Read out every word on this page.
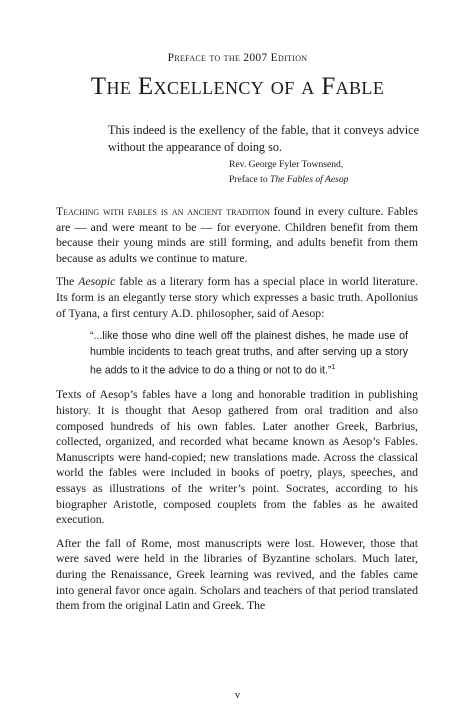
Preface to the 2007 Edition
The Excellency of a Fable
This indeed is the exellency of the fable, that it conveys advice without the appearance of doing so.
Rev. George Fyler Townsend,
Preface to The Fables of Aesop

Teaching with fables is an ancient tradition found in every culture. Fables are — and were meant to be — for everyone. Children benefit from them because their young minds are still forming, and adults benefit from them because as adults we continue to mature.

The Aesopic fable as a literary form has a special place in world literature. Its form is an elegantly terse story which expresses a basic truth. Apollonius of Tyana, a first century A.D. philosopher, said of Aesop:

“...like those who dine well off the plainest dishes, he made use of humble incidents to teach great truths, and after serving up a story he adds to it the advice to do a thing or not to do it.”$^1$

Texts of Aesop’s fables have a long and honorable tradition in publishing history. It is thought that Aesop gathered from oral tradition and also composed hundreds of his own fables. Later another Greek, Barbrius, collected, organized, and recorded what became known as Aesop’s Fables. Manuscripts were hand-copied; new translations made. Across the classical world the fables were included in books of poetry, plays, speeches, and essays as illustrations of the writer’s point. Socrates, according to his biographer Aristotle, composed couplets from the fables as he awaited execution.

After the fall of Rome, most manuscripts were lost. However, those that were saved were held in the libraries of Byzantine scholars. Much later, during the Renaissance, Greek learning was revived, and the fables came into general favor once again. Scholars and teachers of that period translated them from the original Latin and Greek. The

v
